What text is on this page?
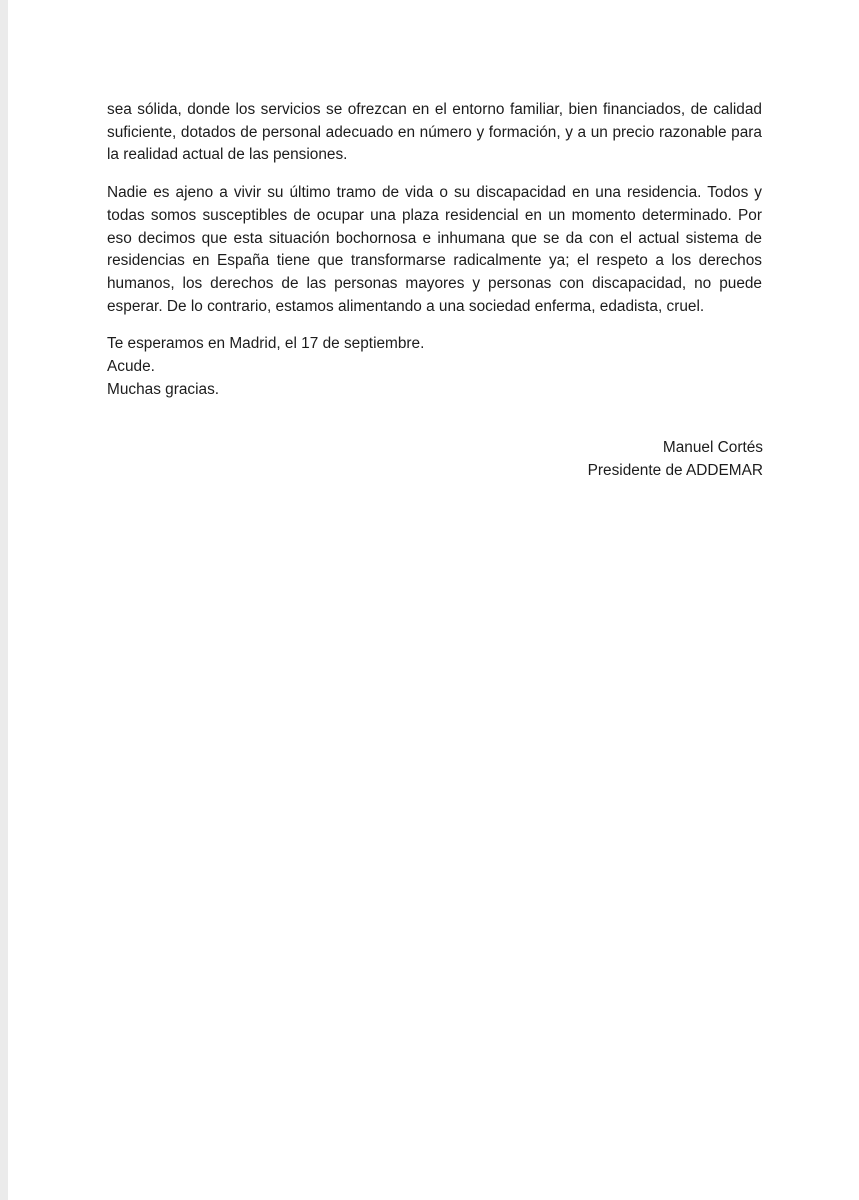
sea sólida, donde los servicios se ofrezcan en el entorno familiar, bien financiados, de calidad suficiente, dotados de personal adecuado en número y formación, y a un precio razonable para la realidad actual de las pensiones.

Nadie es ajeno a vivir su último tramo de vida o su discapacidad en una residencia. Todos y todas somos susceptibles de ocupar una plaza residencial en un momento determinado. Por eso decimos que esta situación bochornosa e inhumana que se da con el actual sistema de residencias en España tiene que transformarse radicalmente ya; el respeto a los derechos humanos, los derechos de las personas mayores y personas con discapacidad, no puede esperar. De lo contrario, estamos alimentando a una sociedad enferma, edadista, cruel.

Te esperamos en Madrid, el 17 de septiembre.
Acude.
Muchas gracias.
Manuel Cortés
Presidente de ADDEMAR
